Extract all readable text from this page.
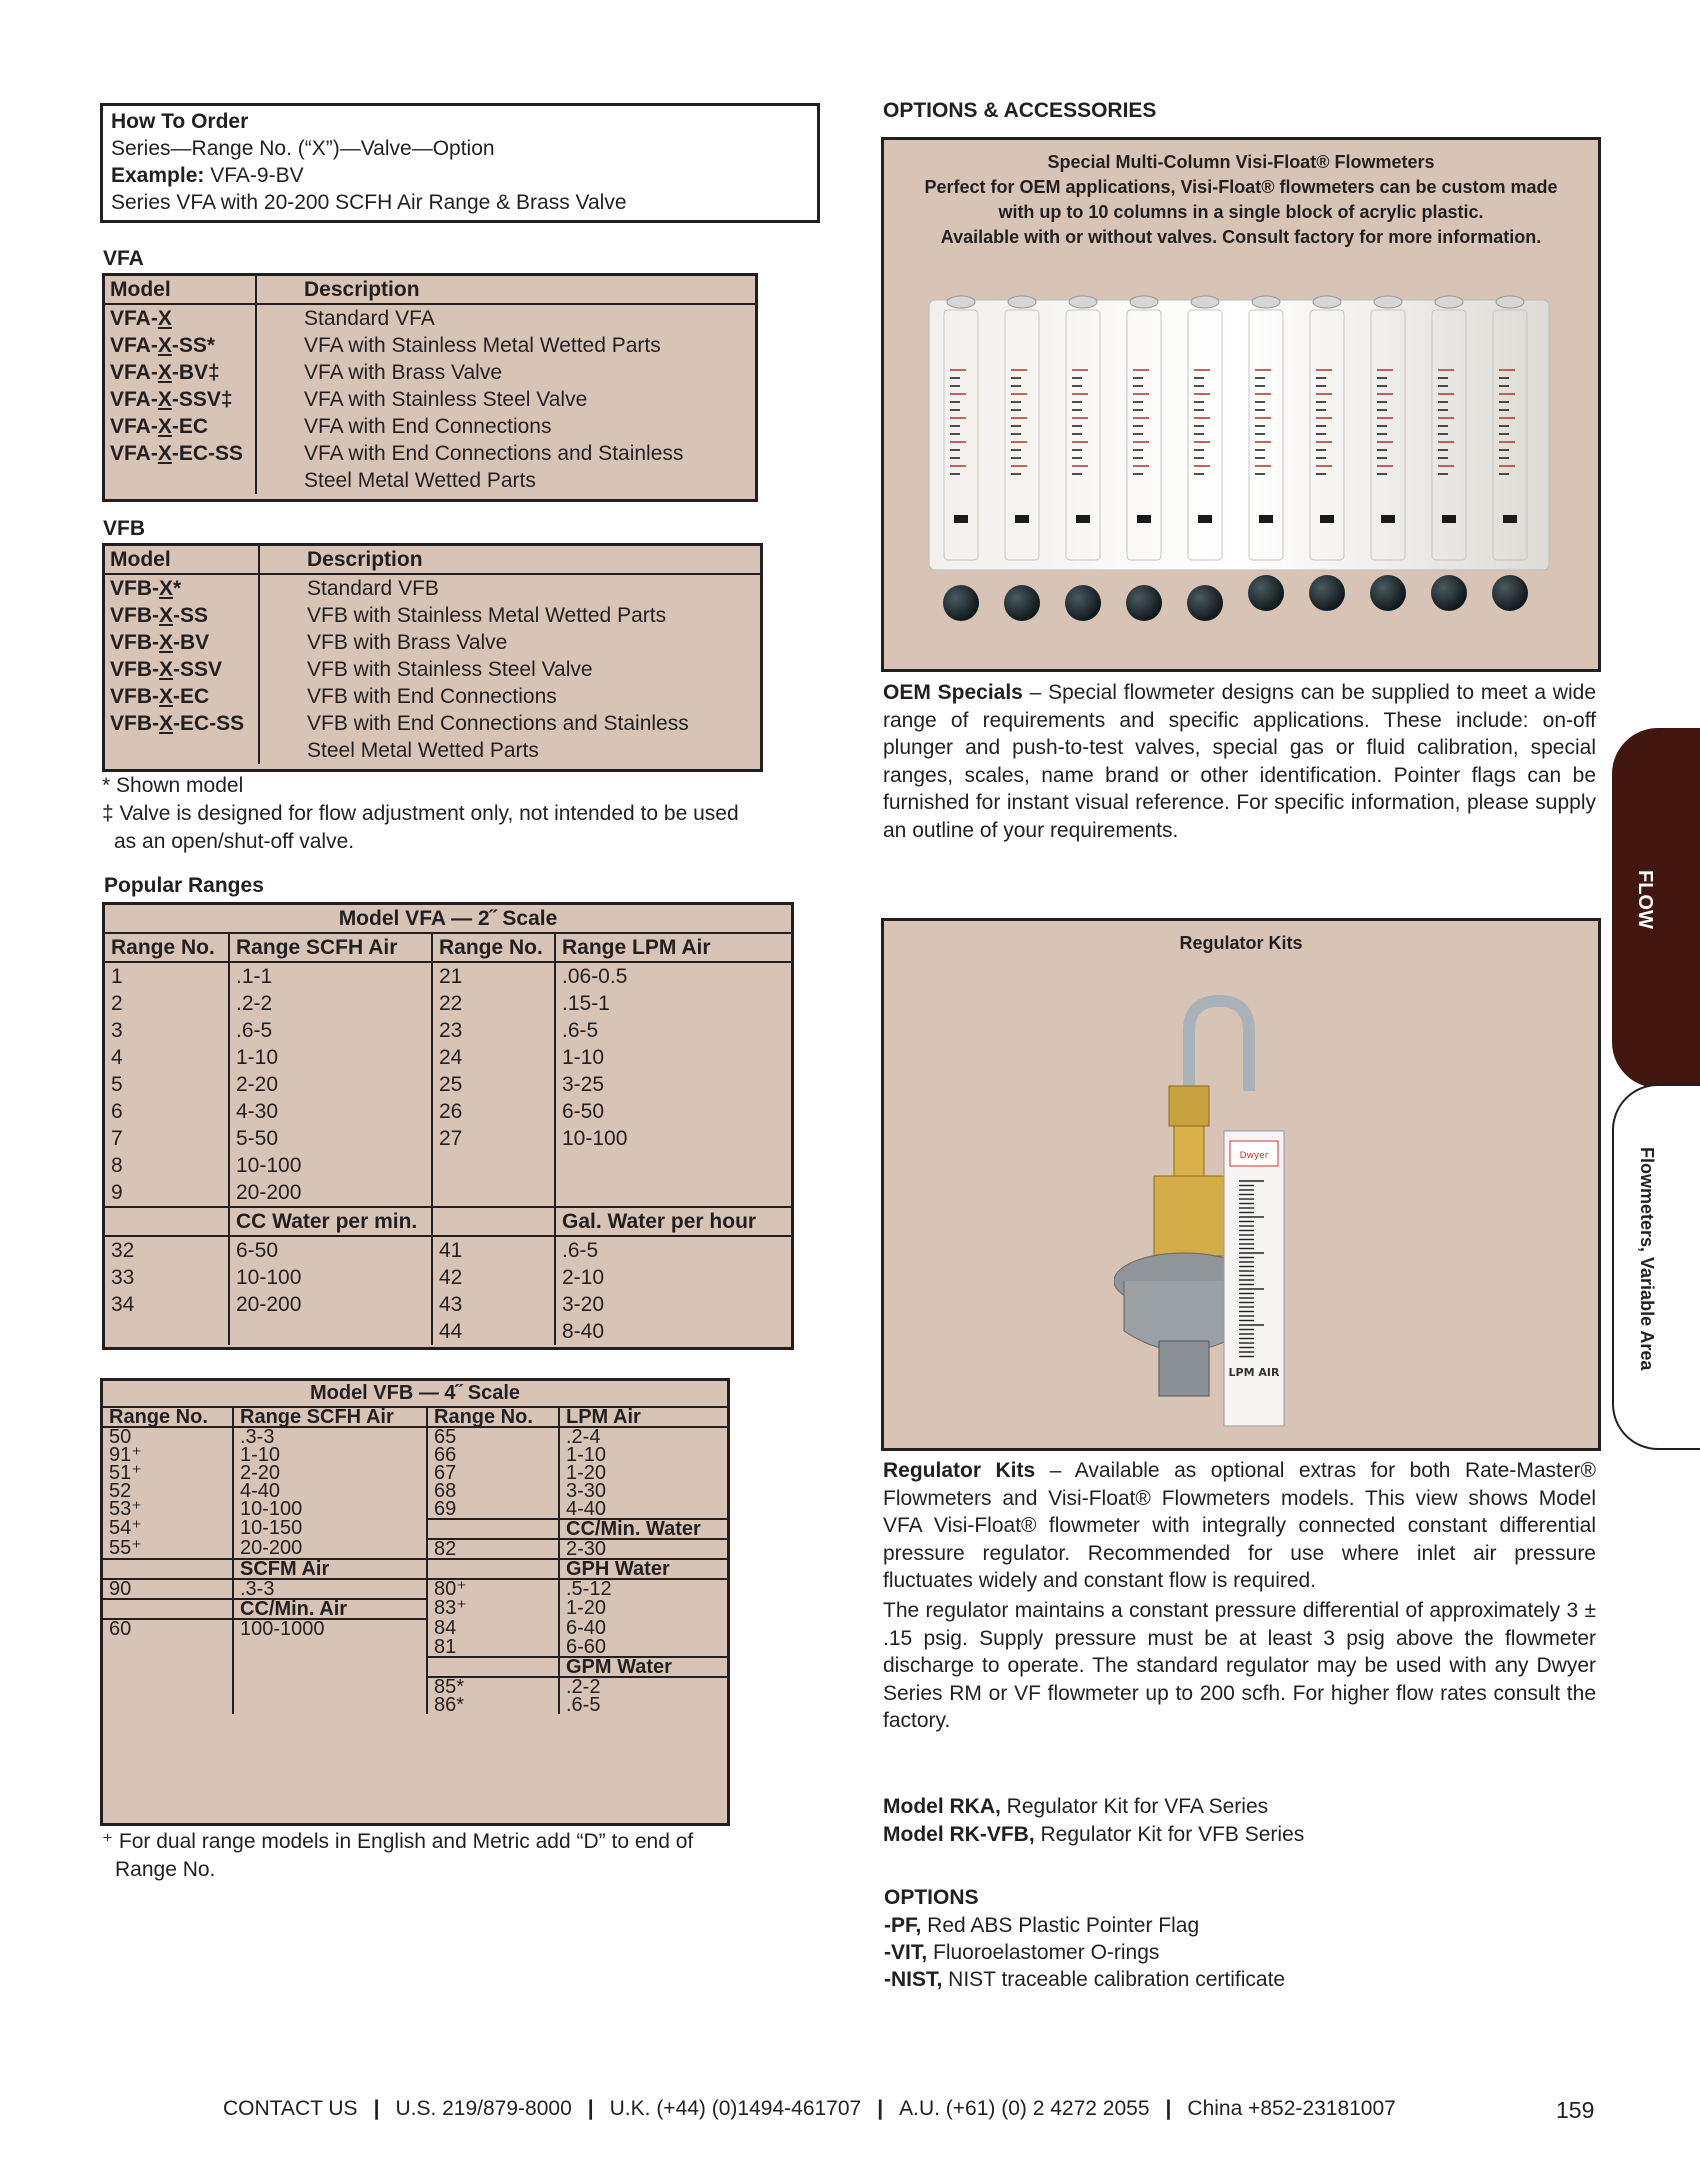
How To Order
Series—Range No. (“X”)—Valve—Option
Example: VFA-9-BV
Series VFA with 20-200 SCFH Air Range & Brass Valve
VFA
Model	Description
VFA-X	Standard VFA
VFA-X-SS*	VFA with Stainless Metal Wetted Parts
VFA-X-BV‡	VFA with Brass Valve
VFA-X-SSV‡	VFA with Stainless Steel Valve
VFA-X-EC	VFA with End Connections
VFA-X-EC-SS	VFA with End Connections and Stainless
	Steel Metal Wetted Parts
VFB
Model	Description
VFB-X*	Standard VFB
VFB-X-SS	VFB with Stainless Metal Wetted Parts
VFB-X-BV	VFB with Brass Valve
VFB-X-SSV	VFB with Stainless Steel Valve
VFB-X-EC	VFB with End Connections
VFB-X-EC-SS	VFB with End Connections and Stainless
	Steel Metal Wetted Parts
* Shown model
‡ Valve is designed for flow adjustment only, not intended to be used
as an open/shut-off valve.
Popular Ranges
Model VFA — 2˝ Scale			
Range No.	Range SCFH Air	Range No.	Range LPM Air
1	.1-1	21	.06-0.5
2	.2-2	22	.15-1
3	.6-5	23	.6-5
4	1-10	24	1-10
5	2-20	25	3-25
6	4-30	26	6-50
7	5-50	27	10-100
8	10-100		
9	20-200		
	CC Water per min.		Gal. Water per hour
32	6-50	41	.6-5
33	10-100	42	2-10
34	20-200	43	3-20
		44	8-40
Model VFB — 4˝ Scale			
Range No.	Range SCFH Air	Range No.	LPM Air
50	.3-3	65	.2-4
91⁺	1-10	66	1-10
51⁺	2-20	67	1-20
52	4-40	68	3-30
53⁺	10-100	69	4-40
54⁺	10-150		CC/Min. Water
55⁺	20-200	82	2-30
	SCFM Air		GPH Water
90	.3-3	80⁺	.5-12
	CC/Min. Air	83⁺	1-20
60	100-1000	84	6-40
		81	6-60
			GPM Water
		85*	.2-2
		86*	.6-5
⁺ For dual range models in English and Metric add “D” to end of
Range No.
OPTIONS & ACCESSORIES
Special Multi-Column Visi-Float® Flowmeters
Perfect for OEM applications, Visi-Float® flowmeters can be custom made
with up to 10 columns in a single block of acrylic plastic.
Available with or without valves. Consult factory for more information.
OEM Specials – Special flowmeter designs can be supplied to meet a wide range of requirements and specific applications. These include: on-off plunger and push-to-test valves, special gas or fluid calibration, special ranges, scales, name brand or other identification. Pointer flags can be furnished for instant visual reference. For specific information, please supply an outline of your requirements.
Regulator Kits
Dwyer
LPM AIR
Regulator Kits – Available as optional extras for both Rate-Master® Flowmeters and Visi-Float® Flowmeters models. This view shows Model VFA Visi-Float® flowmeter with integrally connected constant differential pressure regulator. Recommended for use where inlet air pressure fluctuates widely and constant flow is required.
The regulator maintains a constant pressure differential of approximately 3 ± .15 psig. Supply pressure must be at least 3 psig above the flowmeter discharge to operate. The standard regulator may be used with any Dwyer Series RM or VF flowmeter up to 200 scfh. For higher flow rates consult the factory.
Model RKA, Regulator Kit for VFA Series
Model RK-VFB, Regulator Kit for VFB Series
OPTIONS
-PF, Red ABS Plastic Pointer Flag
-VIT, Fluoroelastomer O-rings
-NIST, NIST traceable calibration certificate
FLOW
Flowmeters, Variable Area
CONTACT US | U.S. 219/879-8000 | U.K. (+44) (0)1494-461707 | A.U. (+61) (0) 2 4272 2055 | China +852-23181007	159
